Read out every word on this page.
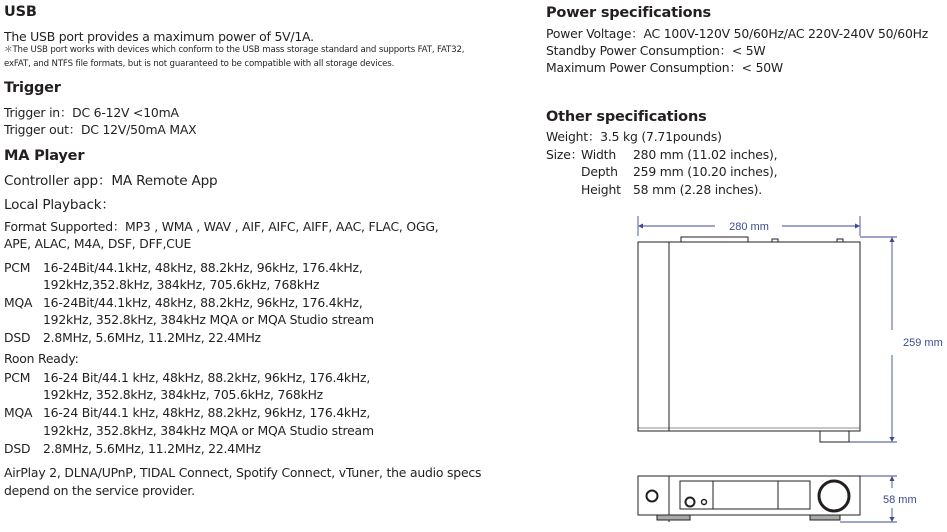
USB
The USB port provides a maximum power of 5V/1A.
＊The USB port works with devices which conform to the USB mass storage standard and supports FAT, FAT32,
exFAT, and NTFS file formats, but is not guaranteed to be compatible with all storage devices.
Trigger
Trigger in：DC 6-12V <10mA
Trigger out：DC 12V/50mA MAX
MA Player
Controller app：MA Remote App
Local Playback：
Format Supported：MP3 , WMA , WAV , AIF, AIFC, AIFF, AAC, FLAC, OGG,
APE, ALAC, M4A, DSF, DFF,CUE
PCM 16-24Bit/44.1kHz, 48kHz, 88.2kHz, 96kHz, 176.4kHz,
192kHz,352.8kHz, 384kHz, 705.6kHz, 768kHz
MQA 16-24Bit/44.1kHz, 48kHz, 88.2kHz, 96kHz, 176.4kHz,
192kHz, 352.8kHz, 384kHz MQA or MQA Studio stream
DSD 2.8MHz, 5.6MHz, 11.2MHz, 22.4MHz
Roon Ready:
PCM 16-24 Bit/44.1 kHz, 48kHz, 88.2kHz, 96kHz, 176.4kHz,
192kHz, 352.8kHz, 384kHz, 705.6kHz, 768kHz
MQA 16-24 Bit/44.1 kHz, 48kHz, 88.2kHz, 96kHz, 176.4kHz,
192kHz, 352.8kHz, 384kHz MQA or MQA Studio stream
DSD 2.8MHz, 5.6MHz, 11.2MHz, 22.4MHz
AirPlay 2, DLNA/UPnP, TIDAL Connect, Spotify Connect, vTuner, the audio specs
depend on the service provider.
Power specifications
Power Voltage：AC 100V-120V 50/60Hz/AC 220V-240V 50/60Hz
Standby Power Consumption：< 5W
Maximum Power Consumption：< 50W
Other specifications
Weight：3.5 kg (7.71pounds)
Size：
Width 280 mm (11.02 inches),
Depth 259 mm (10.20 inches),
Height 58 mm (2.28 inches).
280 mm
259 mm
58 mm
